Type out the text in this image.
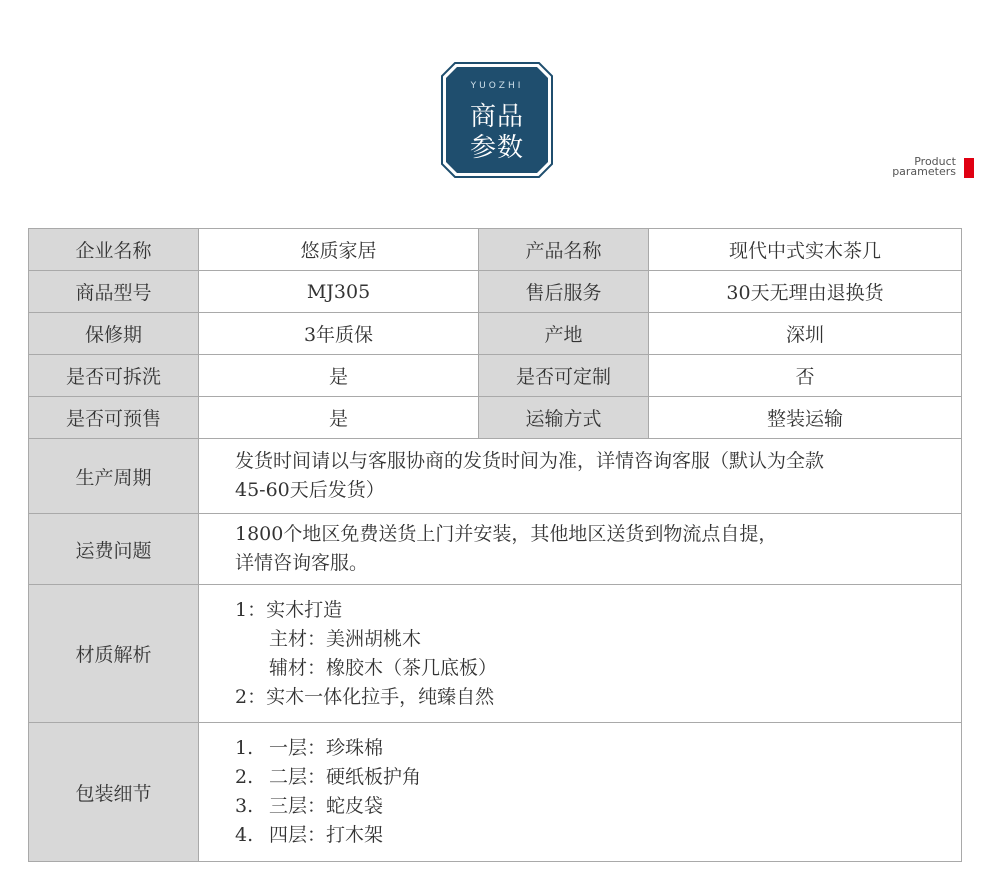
YUOZHI
商品
参数	Product
parameters
企业名称	悠质家居	产品名称	现代中式实木茶几
商品型号	MJ305	售后服务	30天无理由退换货
保修期	3年质保	产地	深圳
是否可拆洗	是	是否可定制	否
是否可预售	是	运输方式	整装运输
生产周期	发货时间请以与客服协商的发货时间为准，详情咨询客服（默认为全款
45-60天后发货）		

运费问题	1800个地区免费送货上门并安装，其他地区送货到物流点自提，
详情咨询客服。		

材质解析	1：实木打造
主材：美洲胡桃木
辅材：橡胶木（茶几底板）
2：实木一体化拉手，纯臻自然		

包装细节	1. 一层：珍珠棉
2. 二层：硬纸板护角
3. 三层：蛇皮袋
4. 四层：打木架		
